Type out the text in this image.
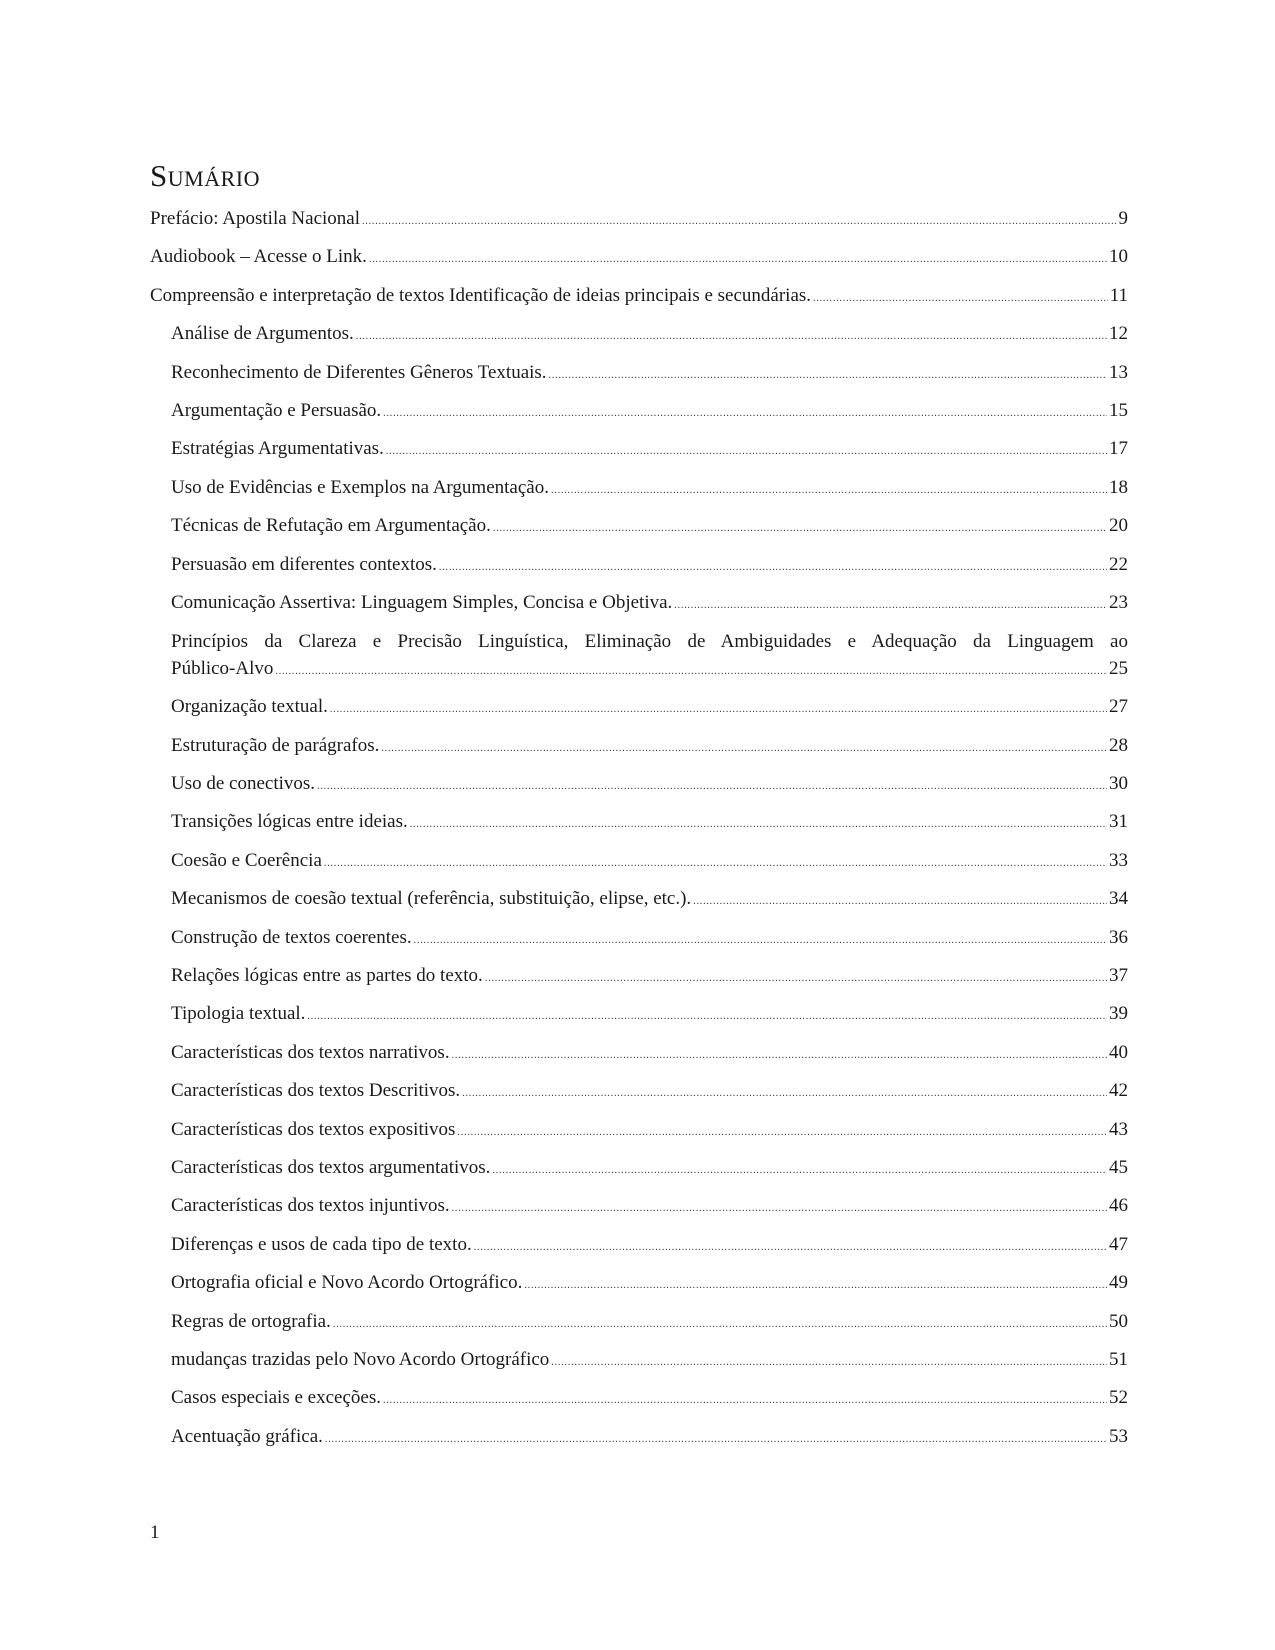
Sumário
Prefácio: Apostila Nacional .....	9
Audiobook – Acesse o Link. .....	10
Compreensão e interpretação de textos Identificação de ideias principais e secundárias. .....	11
Análise de Argumentos. .....	12
Reconhecimento de Diferentes Gêneros Textuais. .....	13
Argumentação e Persuasão. .....	15
Estratégias Argumentativas. .....	17
Uso de Evidências e Exemplos na Argumentação. .....	18
Técnicas de Refutação em Argumentação. .....	20
Persuasão em diferentes contextos. .....	22
Comunicação Assertiva: Linguagem Simples, Concisa e Objetiva. .....	23
Princípios da Clareza e Precisão Linguística, Eliminação de Ambiguidades e Adequação da Linguagem ao
Público-Alvo .....	25
Organização textual. .....	27
Estruturação de parágrafos. .....	28
Uso de conectivos. .....	30
Transições lógicas entre ideias. .....	31
Coesão e Coerência .....	33
Mecanismos de coesão textual (referência, substituição, elipse, etc.). .....	34
Construção de textos coerentes. .....	36
Relações lógicas entre as partes do texto. .....	37
Tipologia textual. .....	39
Características dos textos narrativos. .....	40
Características dos textos Descritivos. .....	42
Características dos textos expositivos .....	43
Características dos textos argumentativos. .....	45
Características dos textos injuntivos. .....	46
Diferenças e usos de cada tipo de texto. .....	47
Ortografia oficial e Novo Acordo Ortográfico. .....	49
Regras de ortografia. .....	50
mudanças trazidas pelo Novo Acordo Ortográfico .....	51
Casos especiais e exceções. .....	52
Acentuação gráfica. .....	53
1
